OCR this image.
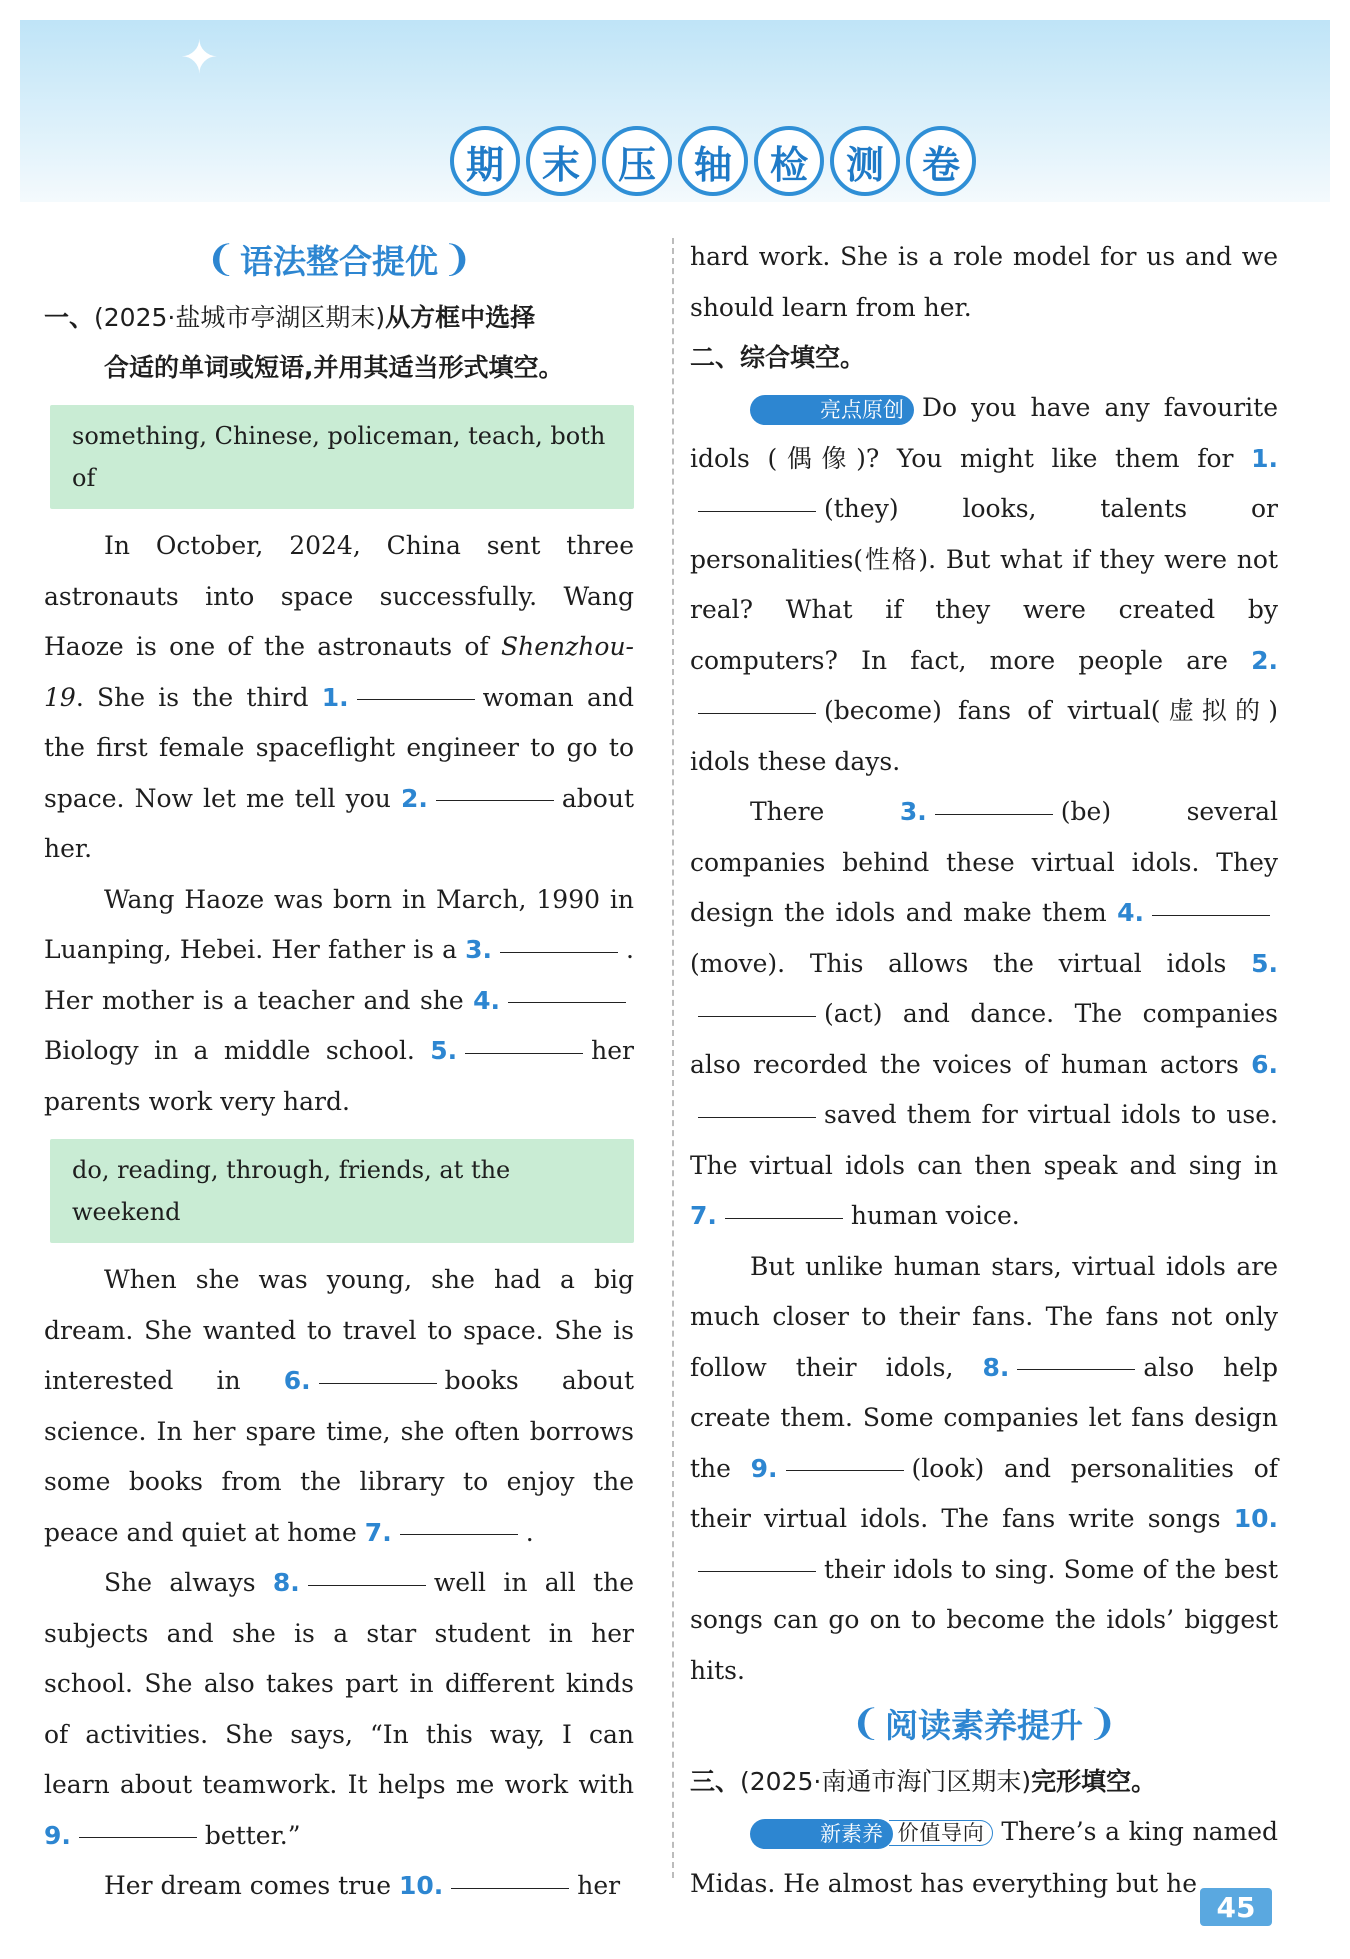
✦
期 末 压 轴 检 测 卷
❨ 语法整合提优 ❩
一、(2025·盐城市亭湖区期末)从方框中选择
合适的单词或短语,并用其适当形式填空。
something, Chinese, policeman, teach, both of

In October, 2024, China sent three astronauts into space successfully. Wang Haoze is one of the astronauts of Shenzhou-19. She is the third 1.	woman and the first female spaceflight engineer to go to space. Now let me tell you 2.	about her.

Wang Haoze was born in March, 1990 in Luanping, Hebei. Her father is a 3.	. Her mother is a teacher and she 4.Biology in a middle school. 5.	her parents work very hard.

do, reading, through, friends, at the weekend

When she was young, she had a big dream. She wanted to travel to space. She is interested in 6.	books about science. In her spare time, she often borrows some books from the library to enjoy the peace and quiet at home 7.	.

She always 8.	well in all the subjects and she is a star student in her school. She also takes part in different kinds of activities. She says, “In this way, I can learn about teamwork. It helps me work with 9.	better.”

Her dream comes true 10.	her

hard work. She is a role model for us and we should learn from her.

二、综合填空。

亮点原创 Do you have any favourite idols (偶像)? You might like them for 1.(they) looks, talents or personalities(性格). But what if they were not real? What if they were created by computers? In fact, more people are 2.(become) fans of virtual(虚拟的) idols these days.

There 3.	(be) several companies behind these virtual idols. They design the idols and make them 4.(move). This allows the virtual idols 5.(act) and dance. The companies also recorded the voices of human actors 6.saved them for virtual idols to use. The virtual idols can then speak and sing in 7.	human voice.

But unlike human stars, virtual idols are much closer to their fans. The fans not only follow their idols, 8.	also help create them. Some companies let fans design the 9.	(look) and personalities of their virtual idols. The fans write songs 10.their idols to sing. Some of the best songs can go on to become the idols’ biggest hits.

❨ 阅读素养提升 ❩
三、(2025·南通市海门区期末)完形填空。

新素养 价值导向 There’s a king named Midas. He almost has everything but he

45
